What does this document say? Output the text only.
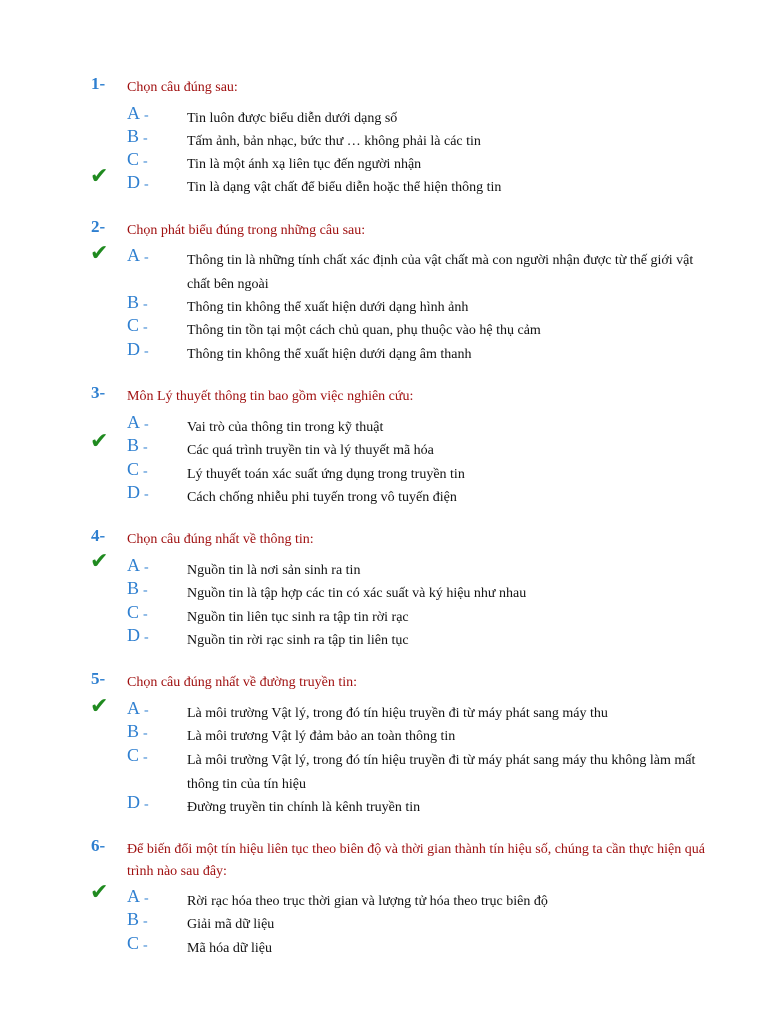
1- Chọn câu đúng sau:
A -	Tin luôn được biểu diễn dưới dạng số
B -	Tấm ảnh, bản nhạc, bức thư … không phải là các tin
C -	Tin là một ánh xạ liên tục đến người nhận
✔ D -	Tin là dạng vật chất để biểu diễn hoặc thể hiện thông tin
2- Chọn phát biểu đúng trong những câu sau:
✔ A -	Thông tin là những tính chất xác định của vật chất mà con người nhận được từ thế giới vật chất bên ngoài
B -	Thông tin không thể xuất hiện dưới dạng hình ảnh
C -	Thông tin tồn tại một cách chủ quan, phụ thuộc vào hệ thụ cảm
D -	Thông tin không thể xuất hiện dưới dạng âm thanh
3- Môn Lý thuyết thông tin bao gồm việc nghiên cứu:
A -	Vai trò của thông tin trong kỹ thuật
✔ B -	Các quá trình truyền tin và lý thuyết mã hóa
C -	Lý thuyết toán xác suất ứng dụng trong truyền tin
D -	Cách chống nhiễu phi tuyến trong vô tuyến điện
4- Chọn câu đúng nhất về thông tin:
✔ A -	Nguồn tin là nơi sản sinh ra tin
B -	Nguồn tin là tập hợp các tin có xác suất và ký hiệu như nhau
C -	Nguồn tin liên tục sinh ra tập tin rời rạc
D -	Nguồn tin rời rạc sinh ra tập tin liên tục
5- Chọn câu đúng nhất về đường truyền tin:
✔ A -	Là môi trường Vật lý, trong đó tín hiệu truyền đi từ máy phát sang máy thu
B -	Là môi trương Vật lý đảm bảo an toàn thông tin
C -	Là môi trường Vật lý, trong đó tín hiệu truyền đi từ máy phát sang máy thu không làm mất thông tin của tín hiệu
D -	Đường truyền tin chính là kênh truyền tin
6- Để biến đổi một tín hiệu liên tục theo biên độ và thời gian thành tín hiệu số, chúng ta cần thực hiện quá trình nào sau đây:
✔ A -	Rời rạc hóa theo trục thời gian và lượng tử hóa theo trục biên độ
B -	Giải mã dữ liệu
C -	Mã hóa dữ liệu
